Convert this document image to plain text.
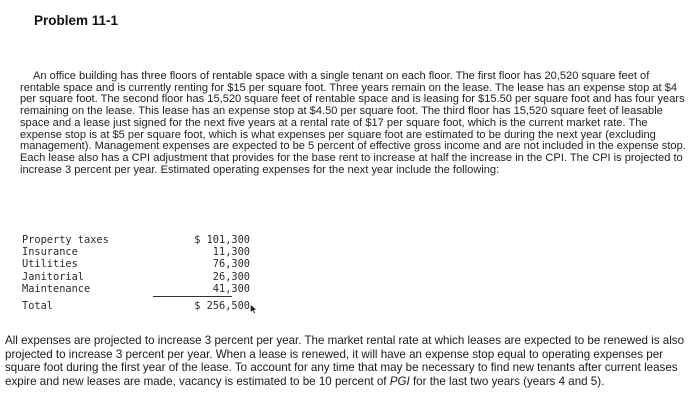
Problem 11-1

An office building has three floors of rentable space with a single tenant on each floor. The first floor has 20,520 square feet of rentable space and is currently renting for $15 per square foot. Three years remain on the lease. The lease has an expense stop at $4 per square foot. The second floor has 15,520 square feet of rentable space and is leasing for $15.50 per square foot and has four years remaining on the lease. This lease has an expense stop at $4.50 per square foot. The third floor has 15,520 square feet of leasable space and a lease just signed for the next five years at a rental rate of $17 per square foot, which is the current market rate. The expense stop is at $5 per square foot, which is what expenses per square foot are estimated to be during the next year (excluding management). Management expenses are expected to be 5 percent of effective gross income and are not included in the expense stop. Each lease also has a CPI adjustment that provides for the base rent to increase at half the increase in the CPI. The CPI is projected to increase 3 percent per year. Estimated operating expenses for the next year include the following:

Property taxes	$ 101,300
Insurance	11,300
Utilities	76,300
Janitorial	26,300
Maintenance	41,300
Total	$ 256,500

All expenses are projected to increase 3 percent per year. The market rental rate at which leases are expected to be renewed is also projected to increase 3 percent per year. When a lease is renewed, it will have an expense stop equal to operating expenses per square foot during the first year of the lease. To account for any time that may be necessary to find new tenants after current leases expire and new leases are made, vacancy is estimated to be 10 percent of PGI for the last two years (years 4 and 5).
